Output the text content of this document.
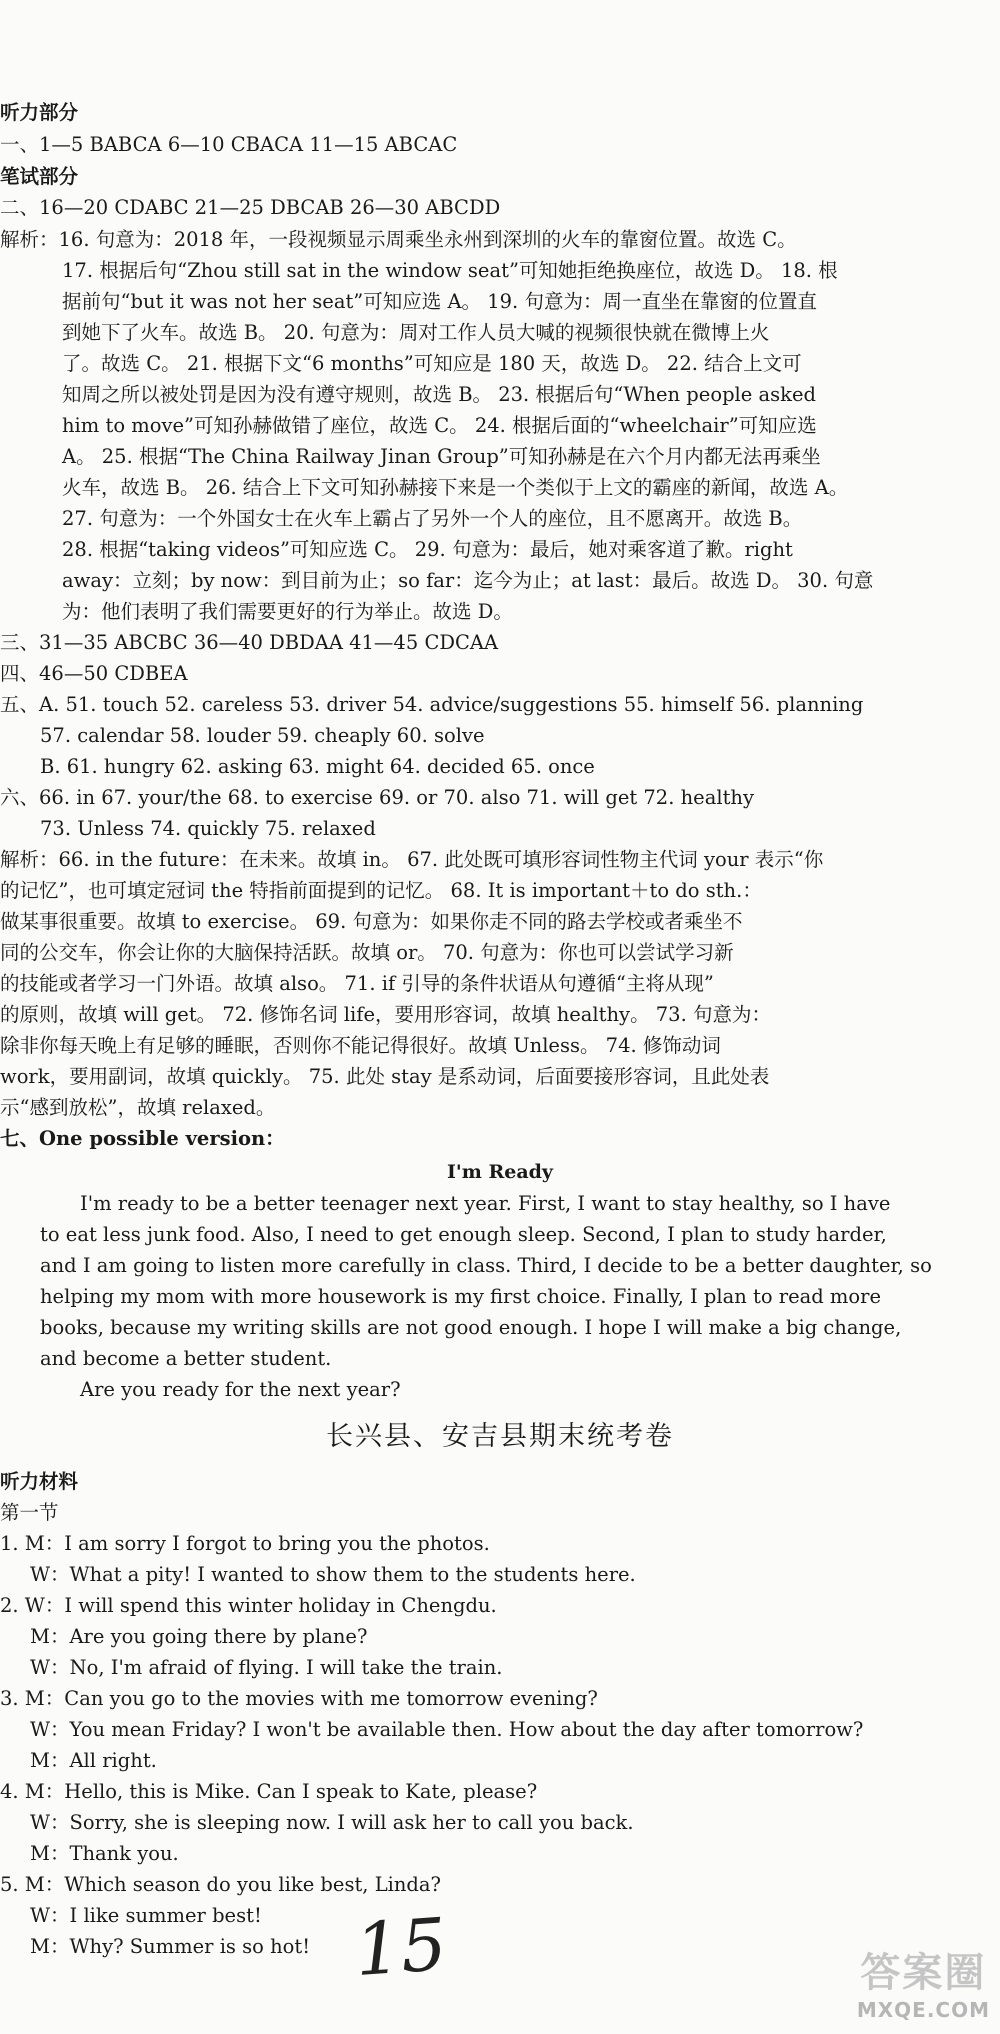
听力部分
一、1—5 BABCA 6—10 CBACA 11—15 ABCAC
笔试部分
二、16—20 CDABC 21—25 DBCAB 26—30 ABCDD
解析：16. 句意为：2018 年，一段视频显示周乘坐永州到深圳的火车的靠窗位置。故选 C。
17. 根据后句“Zhou still sat in the window seat”可知她拒绝换座位，故选 D。 18. 根
据前句“but it was not her seat”可知应选 A。 19. 句意为：周一直坐在靠窗的位置直
到她下了火车。故选 B。 20. 句意为：周对工作人员大喊的视频很快就在微博上火
了。故选 C。 21. 根据下文“6 months”可知应是 180 天，故选 D。 22. 结合上文可
知周之所以被处罚是因为没有遵守规则，故选 B。 23. 根据后句“When people asked
him to move”可知孙赫做错了座位，故选 C。 24. 根据后面的“wheelchair”可知应选
A。 25. 根据“The China Railway Jinan Group”可知孙赫是在六个月内都无法再乘坐
火车，故选 B。 26. 结合上下文可知孙赫接下来是一个类似于上文的霸座的新闻，故选 A。
27. 句意为：一个外国女士在火车上霸占了另外一个人的座位，且不愿离开。故选 B。
28. 根据“taking videos”可知应选 C。 29. 句意为：最后，她对乘客道了歉。right
away：立刻；by now：到目前为止；so far：迄今为止；at last：最后。故选 D。 30. 句意
为：他们表明了我们需要更好的行为举止。故选 D。
三、31—35 ABCBC 36—40 DBDAA 41—45 CDCAA
四、46—50 CDBEA
五、A. 51. touch 52. careless 53. driver 54. advice/suggestions 55. himself 56. planning
57. calendar 58. louder 59. cheaply 60. solve
B. 61. hungry 62. asking 63. might 64. decided 65. once
六、66. in 67. your/the 68. to exercise 69. or 70. also 71. will get 72. healthy
73. Unless 74. quickly 75. relaxed
解析：66. in the future：在未来。故填 in。 67. 此处既可填形容词性物主代词 your 表示“你
的记忆”，也可填定冠词 the 特指前面提到的记忆。 68. It is important＋to do sth.：
做某事很重要。故填 to exercise。 69. 句意为：如果你走不同的路去学校或者乘坐不
同的公交车，你会让你的大脑保持活跃。故填 or。 70. 句意为：你也可以尝试学习新
的技能或者学习一门外语。故填 also。 71. if 引导的条件状语从句遵循“主将从现”
的原则，故填 will get。 72. 修饰名词 life，要用形容词，故填 healthy。 73. 句意为：
除非你每天晚上有足够的睡眠，否则你不能记得很好。故填 Unless。 74. 修饰动词
work，要用副词，故填 quickly。 75. 此处 stay 是系动词，后面要接形容词，且此处表
示“感到放松”，故填 relaxed。
七、One possible version：
I'm ready to be a better teenager next year. First, I want to stay healthy, so I have
to eat less junk food. Also, I need to get enough sleep. Second, I plan to study harder,
and I am going to listen more carefully in class. Third, I decide to be a better daughter, so
helping my mom with more housework is my first choice. Finally, I plan to read more
books, because my writing skills are not good enough. I hope I will make a big change,
and become a better student.
Are you ready for the next year?
听力材料
第一节
1. M：I am sorry I forgot to bring you the photos.
W：What a pity! I wanted to show them to the students here.
2. W：I will spend this winter holiday in Chengdu.
M：Are you going there by plane?
W：No, I'm afraid of flying. I will take the train.
3. M：Can you go to the movies with me tomorrow evening?
W：You mean Friday? I won't be available then. How about the day after tomorrow?
M：All right.
4. M：Hello, this is Mike. Can I speak to Kate, please?
W：Sorry, she is sleeping now. I will ask her to call you back.
M：Thank you.
5. M：Which season do you like best, Linda?
W：I like summer best!
M：Why? Summer is so hot!
I'm Ready
长兴县、安吉县期末统考卷
15	答案圈
MXQE.COM
